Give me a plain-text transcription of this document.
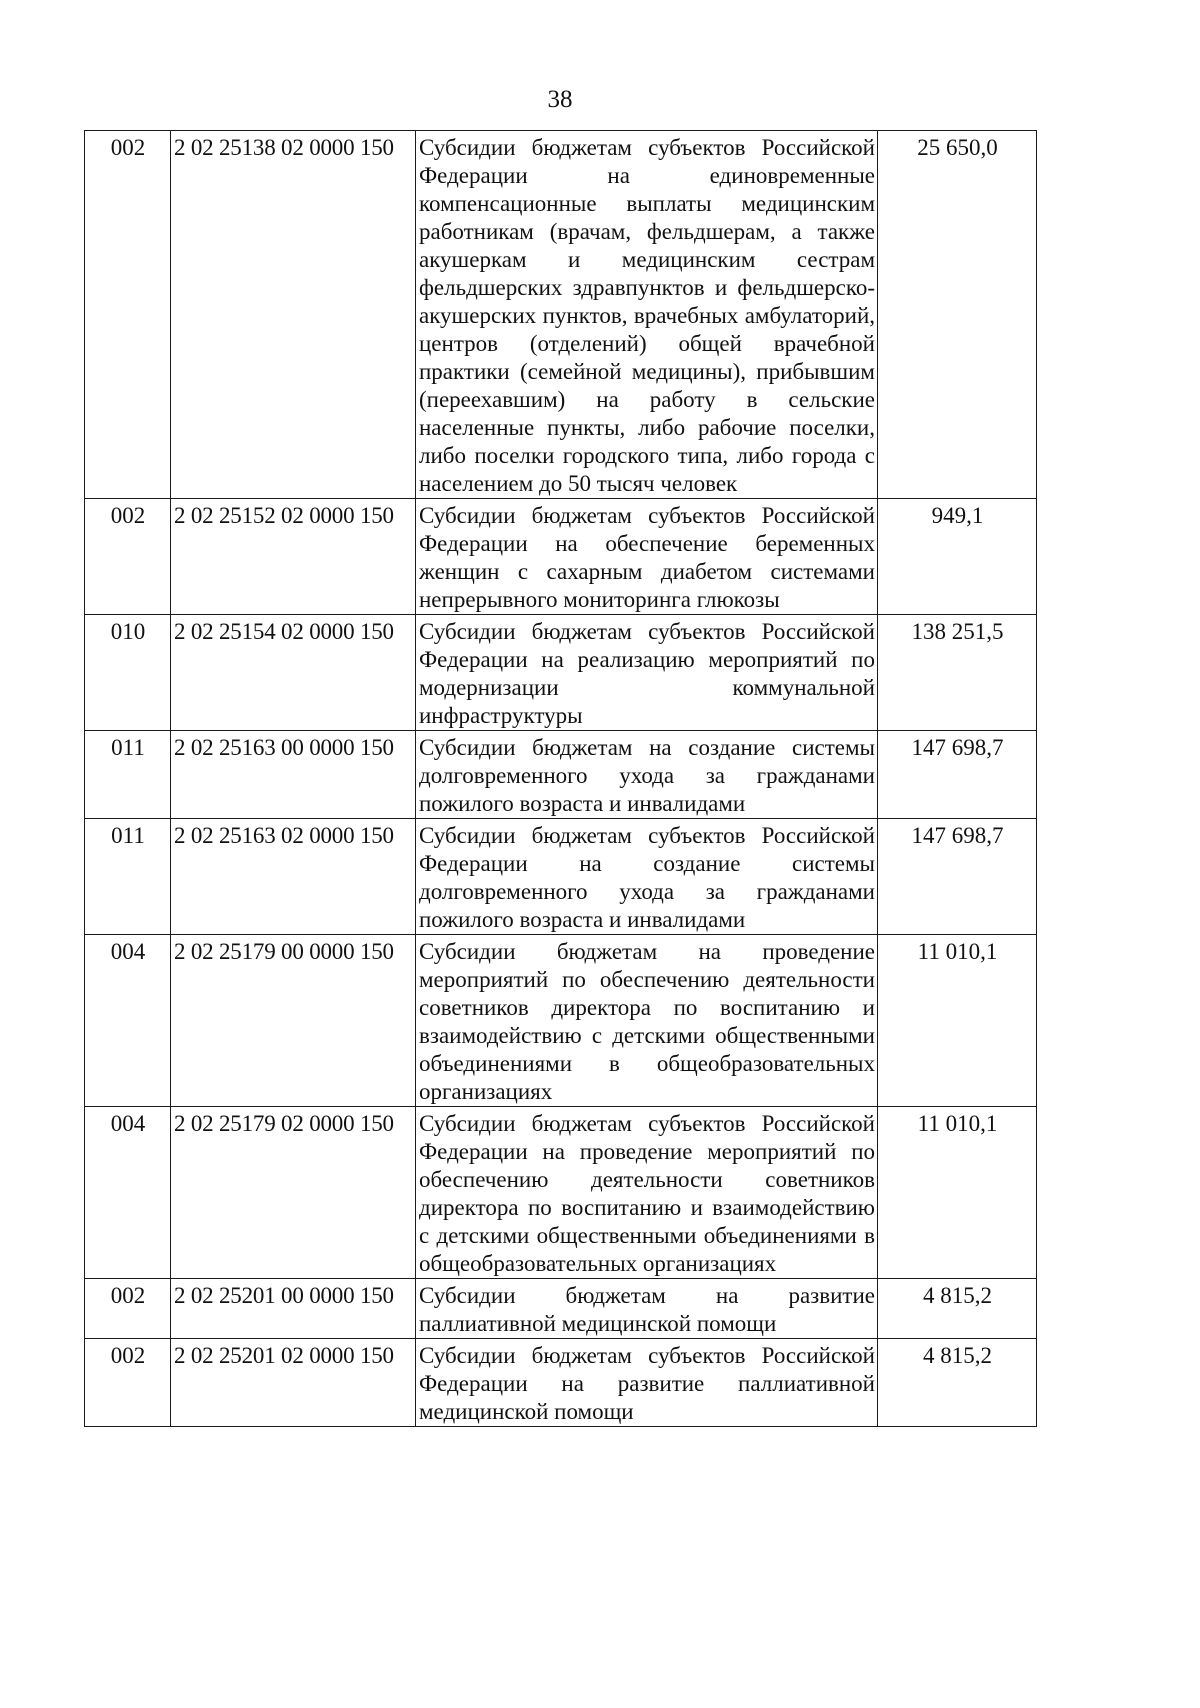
38
002	2 02 25138 02 0000 150	Субсидии бюджетам субъектов Российской Федерации на единовременные компенсационные выплаты медицинским работникам (врачам, фельдшерам, а также акушеркам и медицинским сестрам фельдшерских здравпунктов и фельдшерско-акушерских пунктов, врачебных амбулаторий, центров (отделений) общей врачебной практики (семейной медицины), прибывшим (переехавшим) на работу в сельские населенные пункты, либо рабочие поселки, либо поселки городского типа, либо города с населением до 50 тысяч человек	25 650,0
002	2 02 25152 02 0000 150	Субсидии бюджетам субъектов Российской Федерации на обеспечение беременных женщин с сахарным диабетом системами непрерывного мониторинга глюкозы	949,1
010	2 02 25154 02 0000 150	Субсидии бюджетам субъектов Российской Федерации на реализацию мероприятий по модернизации коммунальной инфраструктуры	138 251,5
011	2 02 25163 00 0000 150	Субсидии бюджетам на создание системы долговременного ухода за гражданами пожилого возраста и инвалидами	147 698,7
011	2 02 25163 02 0000 150	Субсидии бюджетам субъектов Российской Федерации на создание системы долговременного ухода за гражданами пожилого возраста и инвалидами	147 698,7
004	2 02 25179 00 0000 150	Субсидии бюджетам на проведение мероприятий по обеспечению деятельности советников директора по воспитанию и взаимодействию с детскими общественными объединениями в общеобразовательных организациях	11 010,1
004	2 02 25179 02 0000 150	Субсидии бюджетам субъектов Российской Федерации на проведение мероприятий по обеспечению деятельности советников директора по воспитанию и взаимодействию с детскими общественными объединениями в общеобразовательных организациях	11 010,1
002	2 02 25201 00 0000 150	Субсидии бюджетам на развитие паллиативной медицинской помощи	4 815,2
002	2 02 25201 02 0000 150	Субсидии бюджетам субъектов Российской Федерации на развитие паллиативной медицинской помощи	4 815,2
